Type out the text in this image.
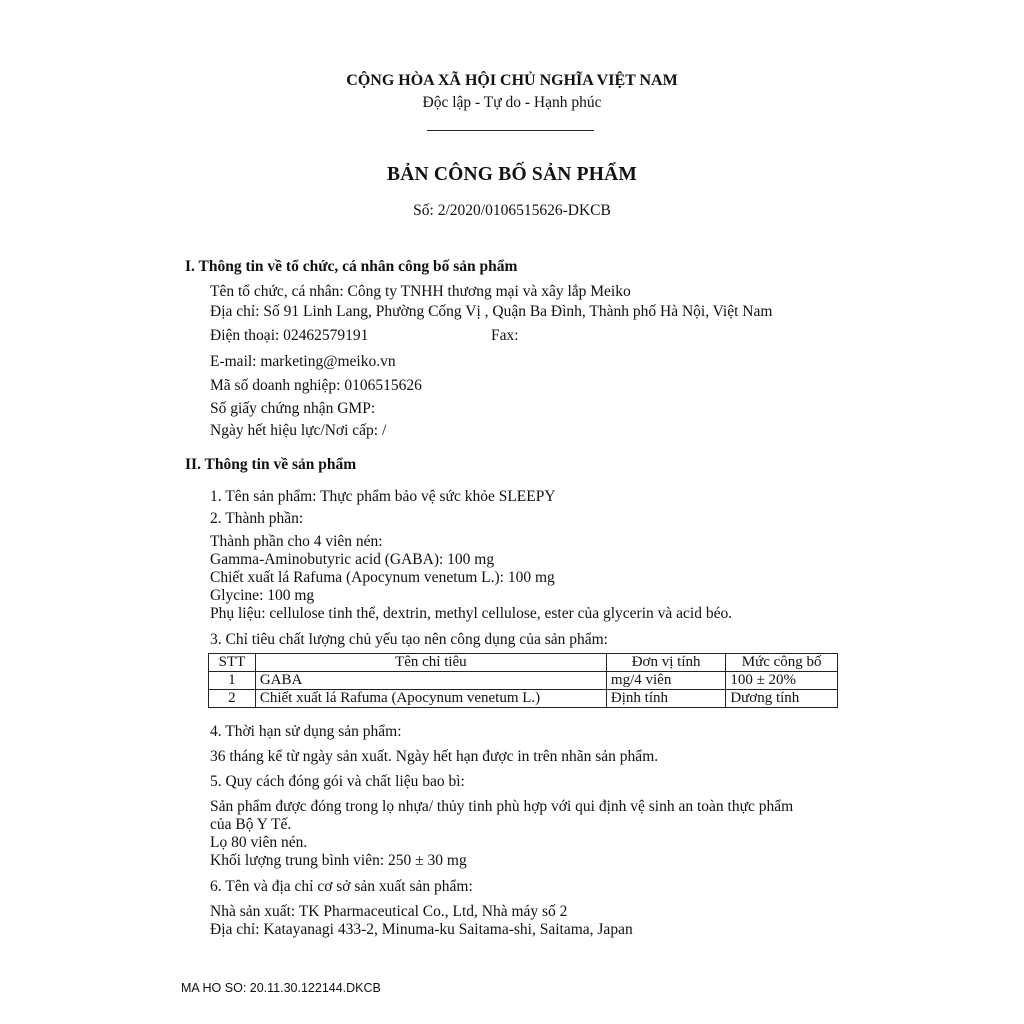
CỘNG HÒA XÃ HỘI CHỦ NGHĨA VIỆT NAM
Độc lập - Tự do - Hạnh phúc
BẢN CÔNG BỐ SẢN PHẨM
Số: 2/2020/0106515626-DKCB
I. Thông tin về tổ chức, cá nhân công bố sản phẩm
Tên tổ chức, cá nhân: Công ty TNHH thương mại và xây lắp Meiko
Địa chỉ: Số 91 Linh Lang, Phường Cống Vị , Quận Ba Đình, Thành phố Hà Nội, Việt Nam
Điện thoại: 02462579191	Fax:
E-mail: marketing@meiko.vn
Mã số doanh nghiệp: 0106515626
Số giấy chứng nhận GMP:
Ngày hết hiệu lực/Nơi cấp: /
II. Thông tin về sản phẩm
1. Tên sản phẩm: Thực phẩm bảo vệ sức khỏe SLEEPY
2. Thành phần:
Thành phần cho 4 viên nén:
Gamma-Aminobutyric acid (GABA): 100 mg
Chiết xuất lá Rafuma (Apocynum venetum L.): 100 mg
Glycine: 100 mg
Phụ liệu: cellulose tinh thể, dextrin, methyl cellulose, ester của glycerin và acid béo.
3. Chỉ tiêu chất lượng chủ yếu tạo nên công dụng của sản phẩm:
STT	Tên chỉ tiêu	Đơn vị tính	Mức công bố
1	GABA	mg/4 viên	100 ± 20%
2	Chiết xuất lá Rafuma (Apocynum venetum L.)	Định tính	Dương tính
4. Thời hạn sử dụng sản phẩm:
36 tháng kể từ ngày sản xuất. Ngày hết hạn được in trên nhãn sản phẩm.
5. Quy cách đóng gói và chất liệu bao bì:
Sản phẩm được đóng trong lọ nhựa/ thủy tinh phù hợp với qui định vệ sinh an toàn thực phẩm
của Bộ Y Tế.
Lọ 80 viên nén.
Khối lượng trung bình viên: 250 ± 30 mg
6. Tên và địa chỉ cơ sở sản xuất sản phẩm:
Nhà sản xuất: TK Pharmaceutical Co., Ltd, Nhà máy số 2
Địa chỉ: Katayanagi 433-2, Minuma-ku Saitama-shi, Saitama, Japan
MA HO SO: 20.11.30.122144.DKCB
